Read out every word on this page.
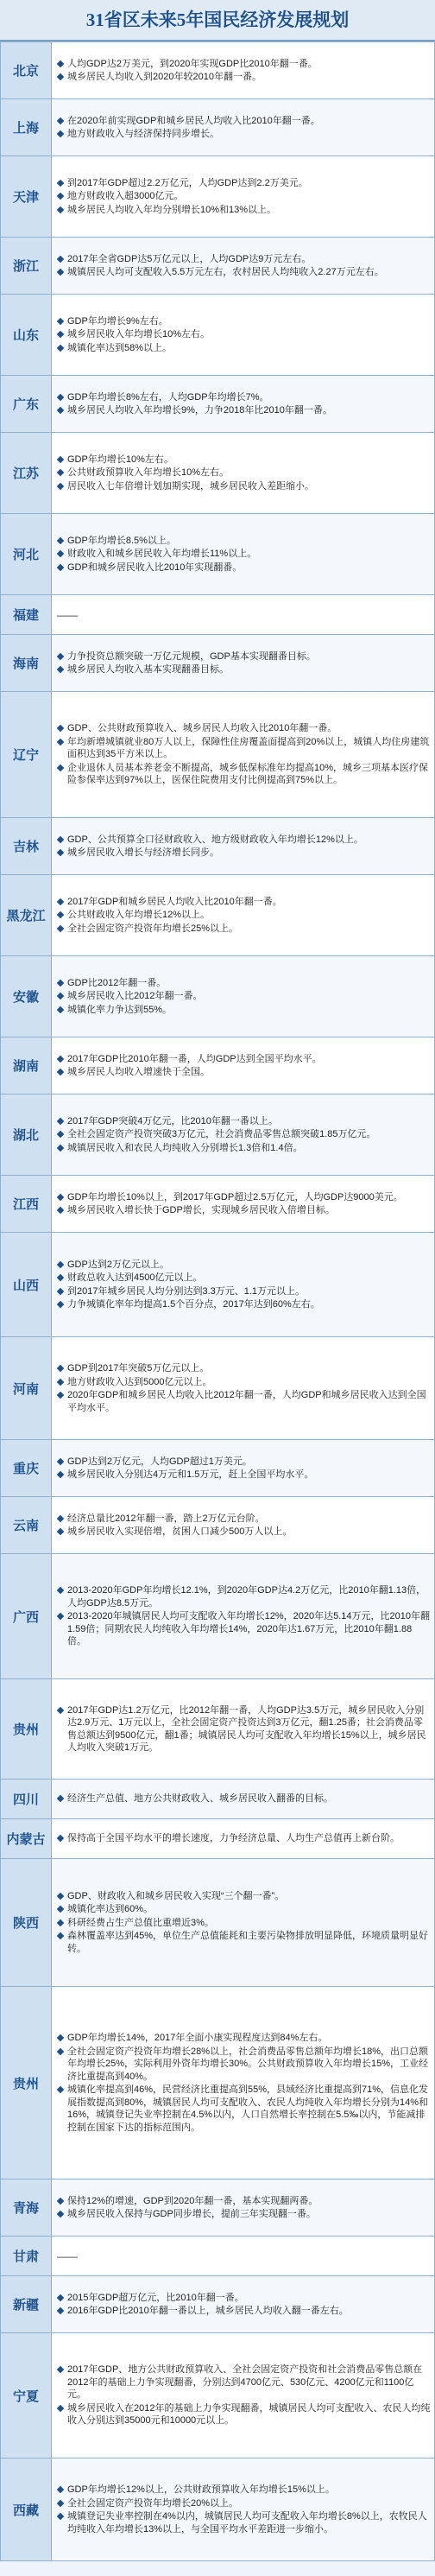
31省区未来5年国民经济发展规划
北京	人均GDP达2万美元，到2020年实现GDP比2010年翻一番。
城乡居民人均收入到2020年较2010年翻一番。

上海	在2020年前实现GDP和城乡居民人均收入比2010年翻一番。
地方财政收入与经济保持同步增长。

天津	到2017年GDP超过2.2万亿元，人均GDP达到2.2万美元。
地方财政收入超3000亿元。
城乡居民人均收入年均分别增长10%和13%以上。

浙江	2017年全省GDP达5万亿元以上，人均GDP达9万元左右。
城镇居民人均可支配收入5.5万元左右，农村居民人均纯收入2.27万元左右。

山东	GDP年均增长9%左右。
城乡居民收入年均增长10%左右。
城镇化率达到58%以上。

广东	GDP年均增长8%左右，人均GDP年均增长7%。
城乡居民人均收入年均增长9%，力争2018年比2010年翻一番。

江苏	GDP年均增长10%左右。
公共财政预算收入年均增长10%左右。
居民收入七年倍增计划加期实现，城乡居民收入差距缩小。

河北	GDP年均增长8.5%以上。
财政收入和城乡居民收入年均增长11%以上。
GDP和城乡居民收入比2010年实现翻番。

福建	——

海南	力争投资总额突破一万亿元规模，GDP基本实现翻番目标。
城乡居民人均收入基本实现翻番目标。

辽宁	GDP、公共财政预算收入、城乡居民人均收入比2010年翻一番。
年均新增城镇就业80万人以上，保障性住房覆盖面提高到20%以上，城镇人均住房建筑面积达到35平方米以上。
企业退休人员基本养老金不断提高，城乡低保标准年均提高10%，城乡三项基本医疗保险参保率达到97%以上，医保住院费用支付比例提高到75%以上。

吉林	GDP、公共预算全口径财政收入、地方级财政收入年均增长12%以上。
城乡居民收入增长与经济增长同步。

黑龙江	2017年GDP和城乡居民人均收入比2010年翻一番。
公共财政收入年均增长12%以上。
全社会固定资产投资年均增长25%以上。

安徽	GDP比2012年翻一番。
城乡居民收入比2012年翻一番。
城镇化率力争达到55%。

湖南	2017年GDP比2010年翻一番，人均GDP达到全国平均水平。
城乡居民人均收入增速快于全国。

湖北	2017年GDP突破4万亿元，比2010年翻一番以上。
全社会固定资产投资突破3万亿元，社会消费品零售总额突破1.85万亿元。
城镇居民收入和农民人均纯收入分别增长1.3倍和1.4倍。

江西	GDP年均增长10%以上，到2017年GDP超过2.5万亿元，人均GDP达9000美元。
城乡居民收入增长快于GDP增长，实现城乡居民收入倍增目标。

山西	GDP达到2万亿元以上。
财政总收入达到4500亿元以上。
到2017年城乡居民人均分别达到3.3万元、1.1万元以上。
力争城镇化率年均提高1.5个百分点，2017年达到60%左右。

河南	GDP到2017年突破5万亿元以上。
地方财政收入达到5000亿元以上。
2020年GDP和城乡居民人均收入比2012年翻一番，人均GDP和城乡居民收入达到全国平均水平。

重庆	GDP达到2万亿元，人均GDP超过1万美元。
城乡居民收入分别达4万元和1.5万元，赶上全国平均水平。

云南	经济总量比2012年翻一番，踏上2万亿元台阶。
城乡居民收入实现倍增，贫困人口减少500万人以上。

广西	2013-2020年GDP年均增长12.1%，到2020年GDP达4.2万亿元，比2010年翻1.13倍，人均GDP达8.5万元。
2013-2020年城镇居民人均可支配收入年均增长12%，2020年达5.14万元，比2010年翻1.59倍；同期农民人均纯收入年均增长14%，2020年达1.67万元，比2010年翻1.88倍。

贵州	2017年GDP达1.2万亿元，比2012年翻一番，人均GDP达3.5万元，城乡居民收入分别达2.9万元、1万元以上，全社会固定资产投资达到3万亿元，翻1.25番；社会消费品零售总额达到9500亿元，翻1番；城镇居民人均可支配收入年均增长15%以上，城乡居民人均收入突破1万元。

四川	经济生产总值、地方公共财政收入、城乡居民收入翻番的目标。

内蒙古	保持高于全国平均水平的增长速度，力争经济总量、人均生产总值再上新台阶。

陕西	GDP、财政收入和城乡居民收入实现“三个翻一番”。
城镇化率达到60%。
科研经费占生产总值比重增近3%。
森林覆盖率达到45%，单位生产总值能耗和主要污染物排放明显降低，环境质量明显好转。

贵州	GDP年均增长14%，2017年全面小康实现程度达到84%左右。
全社会固定资产投资年均增长28%以上，社会消费品零售总额年均增长18%，出口总额年均增长25%，实际利用外资年均增长30%。公共财政预算收入年均增长15%，工业经济比重提高到40%。
城镇化率提高到46%，民营经济比重提高到55%，县域经济比重提高到71%，信息化发展指数提高到80%，城镇居民人均可支配收入、农民人均纯收入年均增长分别为14%和16%，城镇登记失业率控制在4.5%以内，人口自然增长率控制在5.5‰以内，节能减排控制在国家下达的指标范围内。

青海	保持12%的增速，GDP到2020年翻一番，基本实现翻两番。
城乡居民收入保持与GDP同步增长，提前三年实现翻一番。

甘肃	——

新疆	2015年GDP超万亿元，比2010年翻一番。
2016年GDP比2010年翻一番以上，城乡居民人均收入翻一番左右。

宁夏	2017年GDP、地方公共财政预算收入、全社会固定资产投资和社会消费品零售总额在2012年的基础上力争实现翻番，分别达到4700亿元、530亿元、4200亿元和1100亿元。
城乡居民收入在2012年的基础上力争实现翻番，城镇居民人均可支配收入、农民人均纯收入分别达到35000元和10000元以上。

西藏	GDP年均增长12%以上，公共财政预算收入年均增长15%以上。
全社会固定资产投资年均增长20%以上。
城镇登记失业率控制在4%以内，城镇居民人均可支配收入年均增长8%以上，农牧民人均纯收入年均增长13%以上，与全国平均水平差距进一步缩小。
